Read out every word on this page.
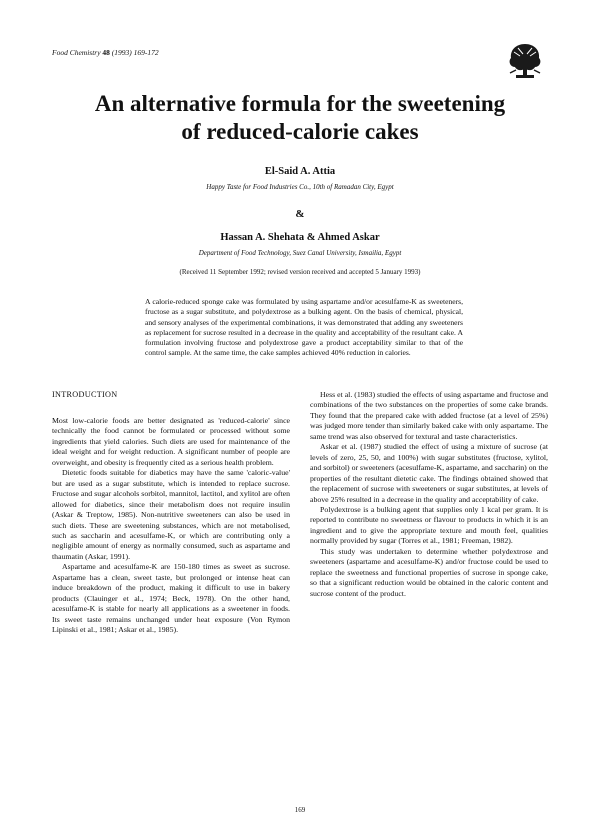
Food Chemistry 48 (1993) 169-172
An alternative formula for the sweetening
of reduced-calorie cakes

El-Said A. Attia

Happy Taste for Food Industries Co., 10th of Ramadan City, Egypt

&

Hassan A. Shehata & Ahmed Askar

Department of Food Technology, Suez Canal University, Ismailia, Egypt

(Received 11 September 1992; revised version received and accepted 5 January 1993)

A calorie-reduced sponge cake was formulated by using aspartame and/or acesulfame-K as sweeteners, fructose as a sugar substitute, and polydextrose as a bulking agent. On the basis of chemical, physical, and sensory analyses of the experimental combinations, it was demonstrated that adding any sweeteners as replacement for sucrose resulted in a decrease in the quality and acceptability of the resultant cake. A formulation involving fructose and polydextrose gave a product acceptability similar to that of the control sample. At the same time, the cake samples achieved 40% reduction in calories.

INTRODUCTION

Most low-calorie foods are better designated as 'reduced-calorie' since technically the food cannot be formulated or processed without some ingredients that yield calories. Such diets are used for maintenance of the ideal weight and for weight reduction. A significant number of people are overweight, and obesity is frequently cited as a serious health problem.

Dietetic foods suitable for diabetics may have the same 'caloric-value' but are used as a sugar substitute, which is intended to replace sucrose. Fructose and sugar alcohols sorbitol, mannitol, lactitol, and xylitol are often allowed for diabetics, since their metabolism does not require insulin (Askar & Treptow, 1985). Non-nutritive sweeteners can also be used in such diets. These are sweetening substances, which are not metabolised, such as saccharin and acesulfame-K, or which are contributing only a negligible amount of energy as normally consumed, such as aspartame and thaumatin (Askar, 1991).

Aspartame and acesulfame-K are 150-180 times as sweet as sucrose. Aspartame has a clean, sweet taste, but prolonged or intense heat can induce breakdown of the product, making it difficult to use in bakery products (Clauinger et al., 1974; Beck, 1978). On the other hand, acesulfame-K is stable for nearly all applications as a sweetener in foods. Its sweet taste remains unchanged under heat exposure (Von Rymon Lipinski et al., 1981; Askar et al., 1985).

Hess et al. (1983) studied the effects of using aspartame and fructose and combinations of the two substances on the properties of some cake brands. They found that the prepared cake with added fructose (at a level of 25%) was judged more tender than similarly baked cake with only aspartame. The same trend was also observed for textural and taste characteristics.

Askar et al. (1987) studied the effect of using a mixture of sucrose (at levels of zero, 25, 50, and 100%) with sugar substitutes (fructose, xylitol, and sorbitol) or sweeteners (acesulfame-K, aspartame, and saccharin) on the properties of the resultant dietetic cake. The findings obtained showed that the replacement of sucrose with sweeteners or sugar substitutes, at levels of above 25% resulted in a decrease in the quality and acceptability of cake.

Polydextrose is a bulking agent that supplies only 1 kcal per gram. It is reported to contribute no sweetness or flavour to products in which it is an ingredient and to give the appropriate texture and mouth feel, qualities normally provided by sugar (Torres et al., 1981; Freeman, 1982).

This study was undertaken to determine whether polydextrose and sweeteners (aspartame and acesulfame-K) and/or fructose could be used to replace the sweetness and functional properties of sucrose in sponge cake, so that a significant reduction would be obtained in the caloric content and sucrose content of the product.

169
